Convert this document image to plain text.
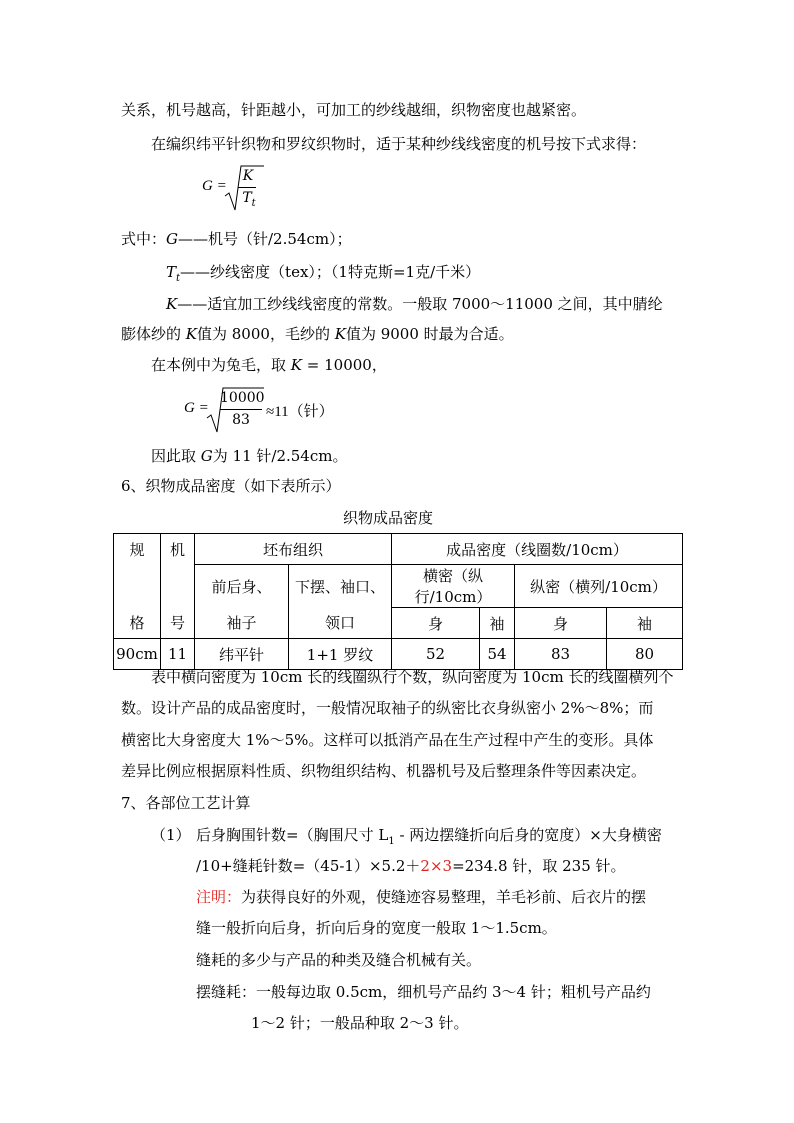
关系，机号越高，针距越小，可加工的纱线越细，织物密度也越紧密。
在编织纬平针织物和罗纹织物时，适于某种纱线线密度的机号按下式求得：
G =
K
$T_t$
式中：G——机号（针/2.54cm）；
$T_t——$纱线密度（tex）；（1特克斯=1克/千米）
K——适宜加工纱线线密度的常数。一般取 7000～11000 之间，其中腈纶
膨体纱的 K值为 8000，毛纱的 K值为 9000 时最为合适。
在本例中为兔毛，取 K = 10000，
G =
10000
83	≈11（针）
因此取 G为 11 针/2.54cm。
6、织物成品密度（如下表所示）
织物成品密度
规	机	坯布组织		成品密度（线圈数/10cm）			
		前后身、	下摆、袖口、	横密（纵行/10cm）		纵密（横列/10cm）	
格	号	袖子	领口	身	袖	身	袖
90cm	11	纬平针	1+1 罗纹	52	54	83	80
表中横向密度为 10cm 长的线圈纵行个数，纵向密度为 10cm 长的线圈横列个
数。设计产品的成品密度时，一般情况取袖子的纵密比衣身纵密小 2%～8%；而
横密比大身密度大 1%～5%。这样可以抵消产品在生产过程中产生的变形。具体
差异比例应根据原料性质、织物组织结构、机器机号及后整理条件等因素决定。
7、各部位工艺计算
（1） 后身胸围针数=（胸围尺寸 $L_1$ - 两边摆缝折向后身的宽度）×大身横密
/10+缝耗针数=（45-1）×5.2＋2×3=234.8 针，取 235 针。
注明：为获得良好的外观，使缝迹容易整理，羊毛衫前、后衣片的摆
缝一般折向后身，折向后身的宽度一般取 1～1.5cm。
缝耗的多少与产品的种类及缝合机械有关。
摆缝耗：一般每边取 0.5cm，细机号产品约 3～4 针；粗机号产品约
1～2 针；一般品种取 2～3 针。
